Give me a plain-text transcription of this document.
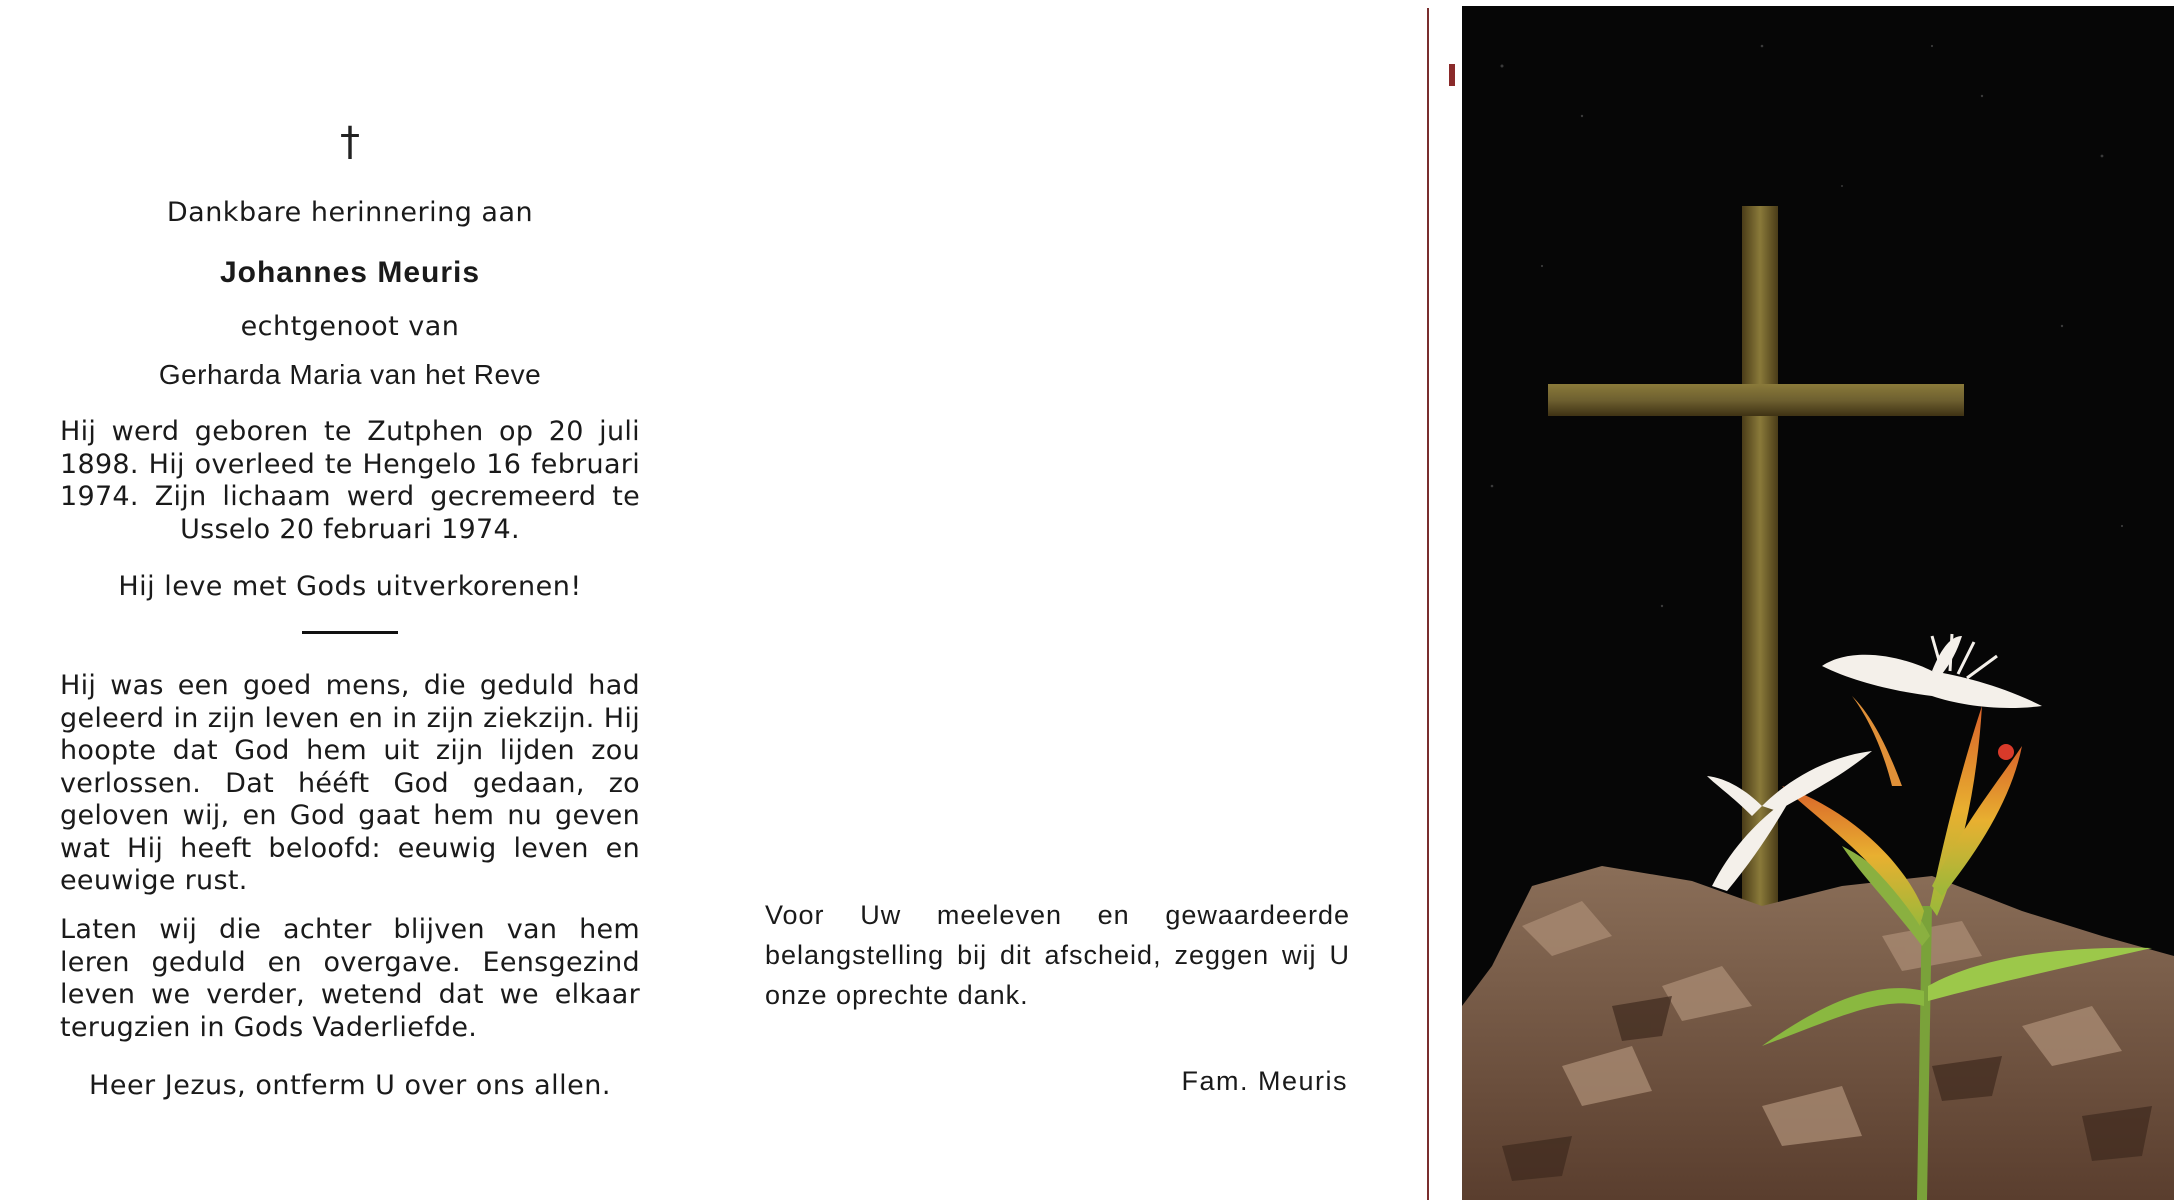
†
Dankbare herinnering aan
Johannes Meuris
echtgenoot van
Gerharda Maria van het Reve
Hij werd geboren te Zutphen op 20 juli 1898. Hij overleed te Hengelo 16 februari 1974. Zijn lichaam werd gecremeerd te Usselo 20 februari 1974.
Hij leve met Gods uitverkorenen!
Hij was een goed mens, die geduld had geleerd in zijn leven en in zijn ziekzijn. Hij hoopte dat God hem uit zijn lijden zou verlossen. Dat hééft God gedaan, zo geloven wij, en God gaat hem nu geven wat Hij heeft beloofd: eeuwig leven en eeuwige rust.
Laten wij die achter blijven van hem leren geduld en overgave. Eensgezind leven we verder, wetend dat we elkaar terugzien in Gods Vaderliefde.
Heer Jezus, ontferm U over ons allen.
Voor Uw meeleven en gewaardeerde belangstelling bij dit afscheid, zeggen wij U onze oprechte dank.
Fam. Meuris
